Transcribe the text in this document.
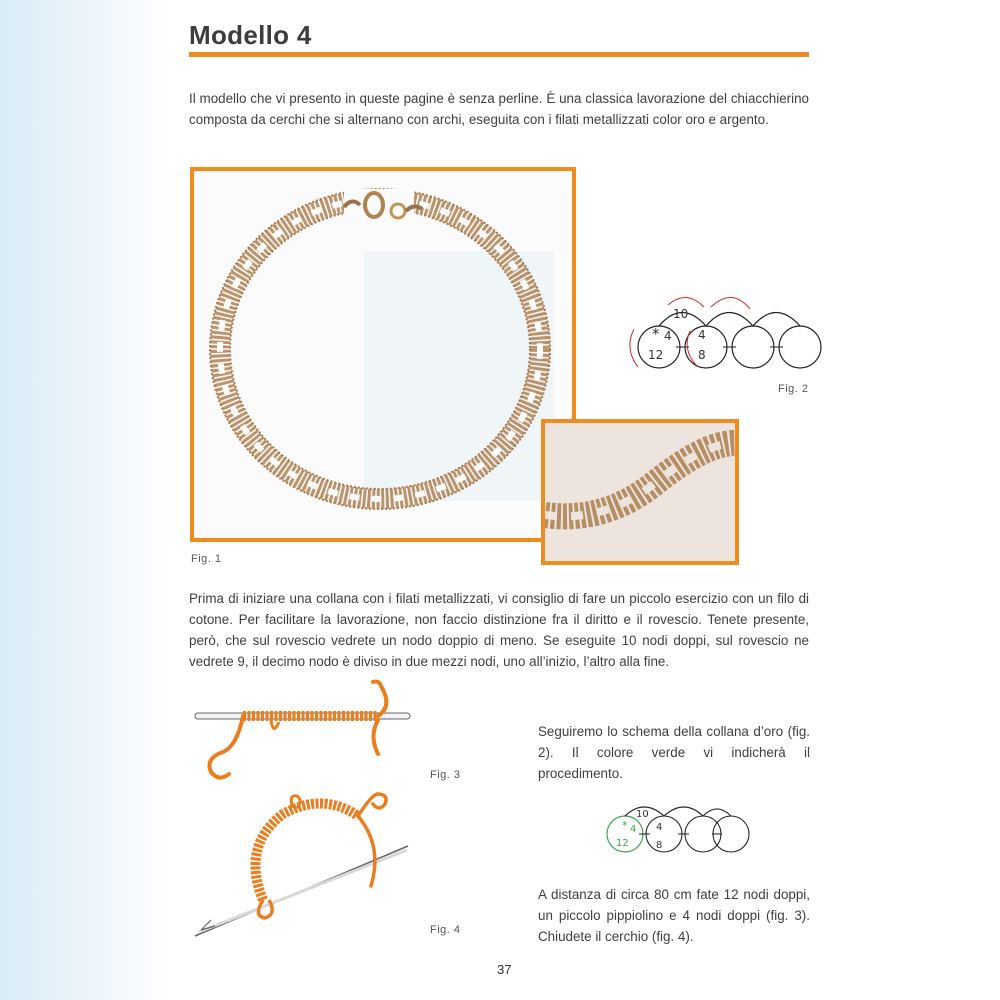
Modello 4
Il modello che vi presento in queste pagine è senza perline. È una classica lavorazione del chiacchierino composta da cerchi che si alternano con archi, eseguita con i filati metallizzati color oro e argento.
Fig. 1
10
* 4
12
4
8
Fig. 2
Prima di iniziare una collana con i filati metallizzati, vi consiglio di fare un piccolo esercizio con un filo di cotone. Per facilitare la lavorazione, non faccio distinzione fra il diritto e il rovescio. Tenete presente, però, che sul rovescio vedrete un nodo doppio di meno. Se eseguite 10 nodi doppi, sul rovescio ne vedrete 9, il decimo nodo è diviso in due mezzi nodi, uno all’inizio, l’altro alla fine.
Fig. 3
Fig. 4
Seguiremo lo schema della collana d’oro (fig. 2). Il colore verde vi indicherà il procedimento.
10
* 4
12
4
8
A distanza di circa 80 cm fate 12 nodi doppi, un piccolo pippiolino e 4 nodi doppi (fig. 3). Chiudete il cerchio (fig. 4).
37
